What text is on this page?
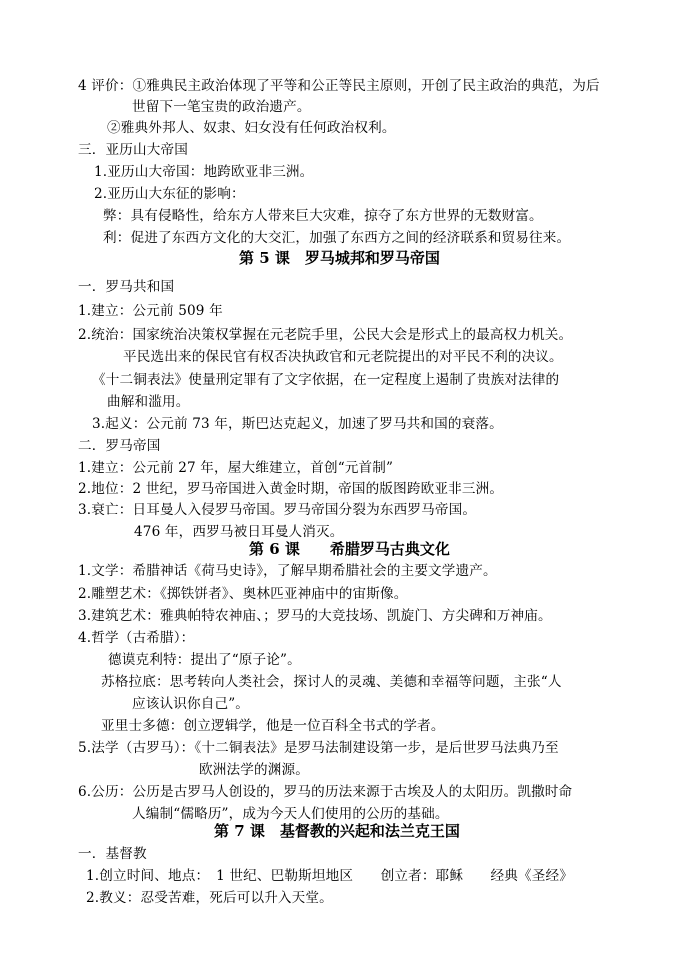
4 评价：①雅典民主政治体现了平等和公正等民主原则，开创了民主政治的典范，为后
世留下一笔宝贵的政治遗产。
②雅典外邦人、奴隶、妇女没有任何政治权利。
三．亚历山大帝国
1.亚历山大帝国：地跨欧亚非三洲。
2.亚历山大东征的影响：
弊：具有侵略性，给东方人带来巨大灾难，掠夺了东方世界的无数财富。
利：促进了东西方文化的大交汇，加强了东西方之间的经济联系和贸易往来。
第 5 课　罗马城邦和罗马帝国
一．罗马共和国
1.建立：公元前 509 年
2.统治：国家统治决策权掌握在元老院手里，公民大会是形式上的最高权力机关。
平民选出来的保民官有权否决执政官和元老院提出的对平民不利的决议。
《十二铜表法》使量刑定罪有了文字依据，在一定程度上遏制了贵族对法律的
曲解和滥用。
3.起义：公元前 73 年，斯巴达克起义，加速了罗马共和国的衰落。
二．罗马帝国
1.建立：公元前 27 年，屋大维建立，首创“元首制”
2.地位：2 世纪，罗马帝国进入黄金时期，帝国的版图跨欧亚非三洲。
3.衰亡：日耳曼人入侵罗马帝国。罗马帝国分裂为东西罗马帝国。
476 年，西罗马被日耳曼人消灭。
第 6 课　　希腊罗马古典文化
1.文学：希腊神话《荷马史诗》，了解早期希腊社会的主要文学遗产。
2.雕塑艺术：《掷铁饼者》、奥林匹亚神庙中的宙斯像。
3.建筑艺术：雅典帕特农神庙、；罗马的大竞技场、凯旋门、方尖碑和万神庙。
4.哲学（古希腊）：
德谟克利特：提出了“原子论”。
苏格拉底：思考转向人类社会，探讨人的灵魂、美德和幸福等问题，主张“人
应该认识你自己”。
亚里士多德：创立逻辑学，他是一位百科全书式的学者。
5.法学（古罗马）：《十二铜表法》是罗马法制建设第一步，是后世罗马法典乃至
欧洲法学的渊源。
6.公历：公历是古罗马人创设的，罗马的历法来源于古埃及人的太阳历。凯撒时命
人编制“儒略历”，成为今天人们使用的公历的基础。
第 7 课　基督教的兴起和法兰克王国
一．基督教
1.创立时间、地点：　1 世纪、巴勒斯坦地区　　创立者：耶稣　　经典《圣经》
2.教义：忍受苦难，死后可以升入天堂。
